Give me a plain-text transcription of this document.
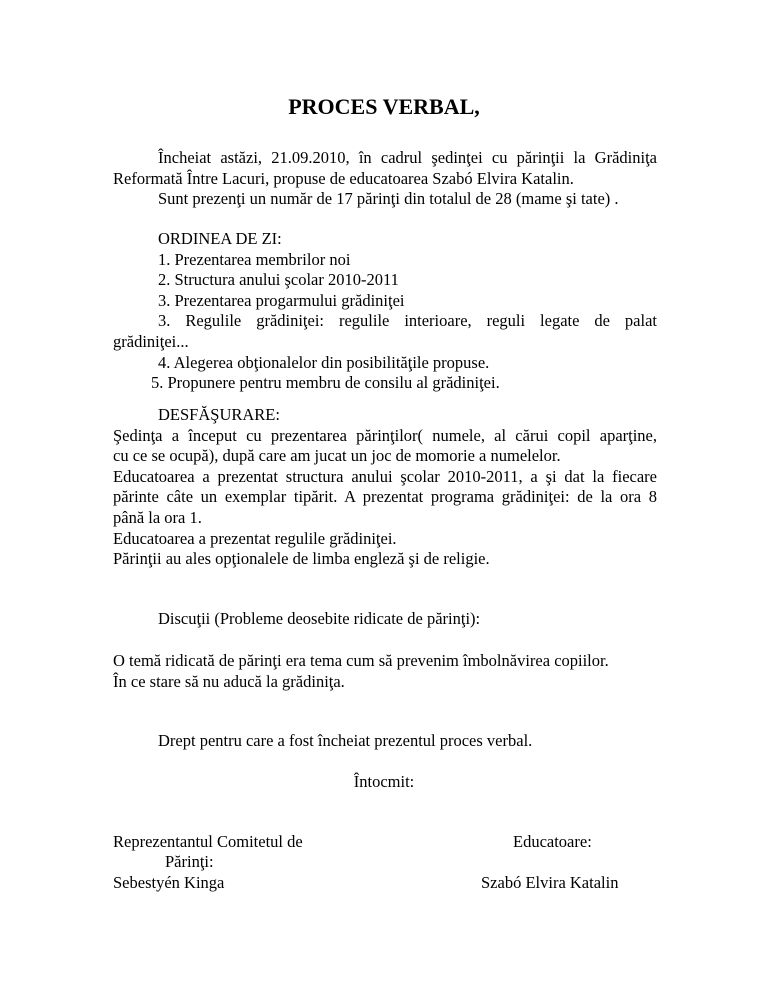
PROCES VERBAL,
Încheiat astăzi, 21.09.2010, în cadrul şedinţei cu părinţii la Grădiniţa
Reformată Între Lacuri, propuse de educatoarea Szabó Elvira Katalin.
Sunt prezenţi un număr de 17 părinţi din totalul de 28 (mame şi tate) .
ORDINEA DE ZI:
1. Prezentarea membrilor noi
2. Structura anului şcolar 2010-2011
3. Prezentarea progarmului grădiniţei
3. Regulile grădiniţei: regulile interioare, reguli legate de palat
grădiniţei...
4. Alegerea obţionalelor din posibilităţile propuse.
5. Propunere pentru membru de consilu al grădiniţei.
DESFĂŞURARE:
Şedinţa a început cu prezentarea părinţilor( numele, al cărui copil aparţine,
cu ce se ocupă), după care am jucat un joc de momorie a numelelor.
Educatoarea a prezentat structura anului şcolar 2010-2011, a şi dat la fiecare
părinte câte un exemplar tipărit. A prezentat programa grădiniţei: de la ora 8
până la ora 1.
Educatoarea a prezentat regulile grădiniţei.
Părinţii au ales opţionalele de limba engleză şi de religie.
Discuţii (Probleme deosebite ridicate de părinţi):
O temă ridicată de părinţi era tema cum să prevenim îmbolnăvirea copiilor.
În ce stare să nu aducă la grădiniţa.
Drept pentru care a fost încheiat prezentul proces verbal.
Întocmit:
Reprezentantul Comitetul de
Părinţi:
Sebestyén Kinga
Educatoare:
Szabó Elvira Katalin
